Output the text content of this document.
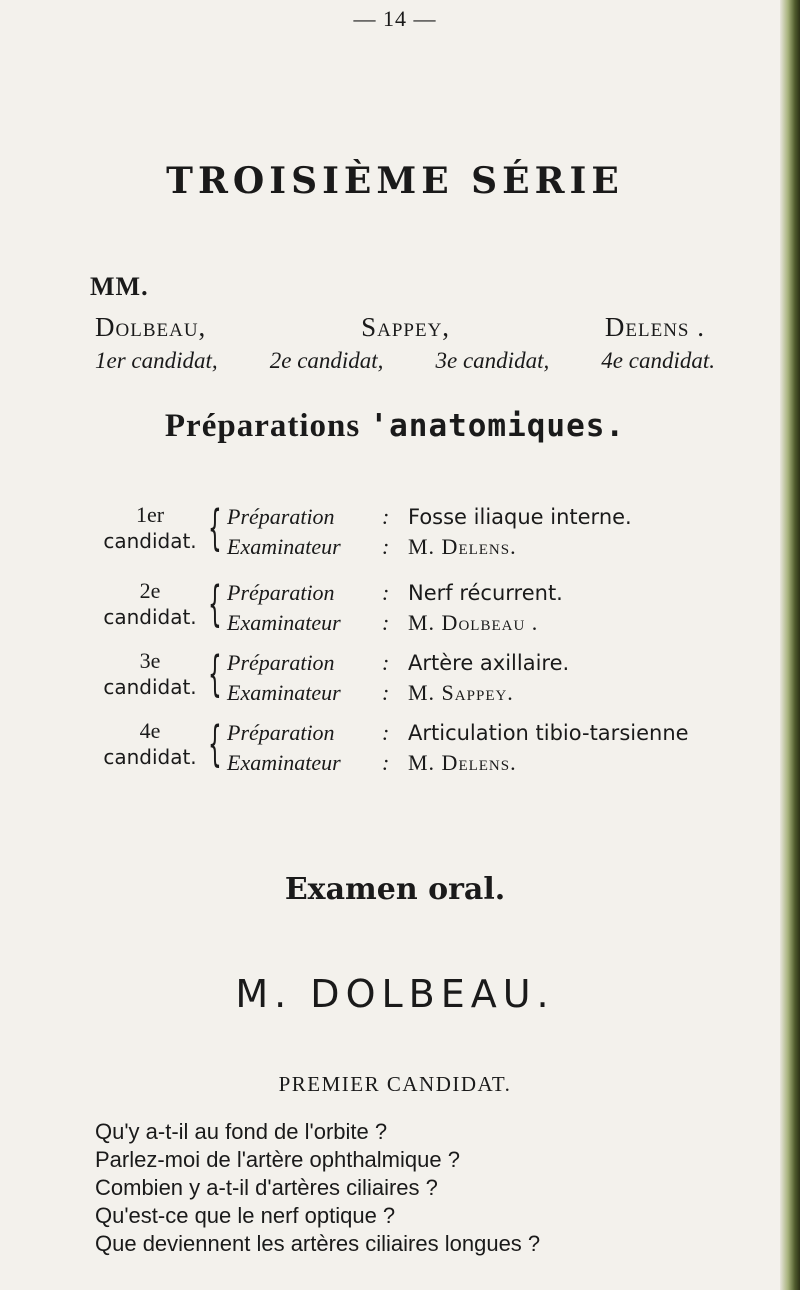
— 14 —
TROISIÈME SÉRIE
MM.
Dolbeau,	Sappey,	Delens .
1er candidat, 2e candidat, 3e candidat, 4e candidat.
Préparations 'anatomiques.
1er
candidat. { Préparation : Fosse iliaque interne.
Examinateur : M. Delens.
2e
candidat. { Préparation : Nerf récurrent.
Examinateur : M. Dolbeau .
3e
candidat. { Préparation : Artère axillaire.
Examinateur : M. Sappey.
4e
candidat. { Préparation : Articulation tibio-tarsienne
Examinateur : M. Delens.
Examen oral.
M. DOLBEAU.
PREMIER CANDIDAT.
Qu'y a-t-il au fond de l'orbite ?
Parlez-moi de l'artère ophthalmique ?
Combien y a-t-il d'artères ciliaires ?
Qu'est-ce que le nerf optique ?
Que deviennent les artères ciliaires longues ?
